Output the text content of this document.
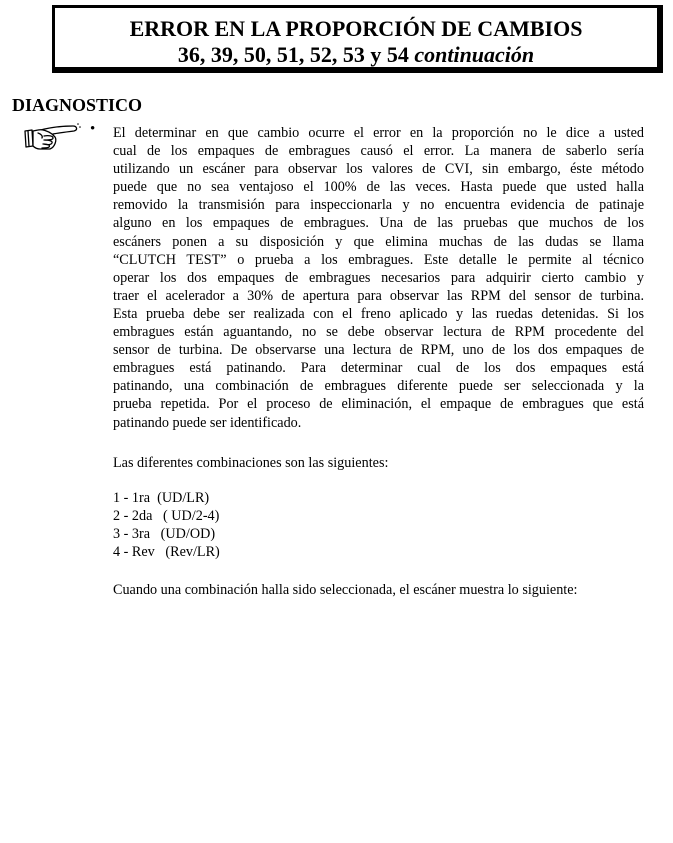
ERROR EN LA PROPORCIÓN DE CAMBIOS
36, 39, 50, 51, 52, 53 y 54 continuación
DIAGNOSTICO
• El determinar en que cambio ocurre el error en la proporción no le dice a usted
cual de los empaques de embragues causó el error. La manera de saberlo sería
utilizando un escáner para observar los valores de CVI, sin embargo, éste método
puede que no sea ventajoso el 100% de las veces. Hasta puede que usted halla
removido la transmisión para inspeccionarla y no encuentra evidencia de patinaje
alguno en los empaques de embragues. Una de las pruebas que muchos de los
escáners ponen a su disposición y que elimina muchas de las dudas se llama
“CLUTCH TEST” o prueba a los embragues. Este detalle le permite al técnico
operar los dos empaques de embragues necesarios para adquirir cierto cambio y
traer el acelerador a 30% de apertura para observar las RPM del sensor de turbina.
Esta prueba debe ser realizada con el freno aplicado y las ruedas detenidas. Si los
embragues están aguantando, no se debe observar lectura de RPM procedente del
sensor de turbina. De observarse una lectura de RPM, uno de los dos empaques de
embragues está patinando. Para determinar cual de los dos empaques está
patinando, una combinación de embragues diferente puede ser seleccionada y la
prueba repetida. Por el proceso de eliminación, el empaque de embragues que está
patinando puede ser identificado.
Las diferentes combinaciones son las siguientes:
1 - 1ra  (UD/LR)
2 - 2da   ( UD/2-4)
3 - 3ra   (UD/OD)
4 - Rev   (Rev/LR)
Cuando una combinación halla sido seleccionada, el escáner muestra lo siguiente:
